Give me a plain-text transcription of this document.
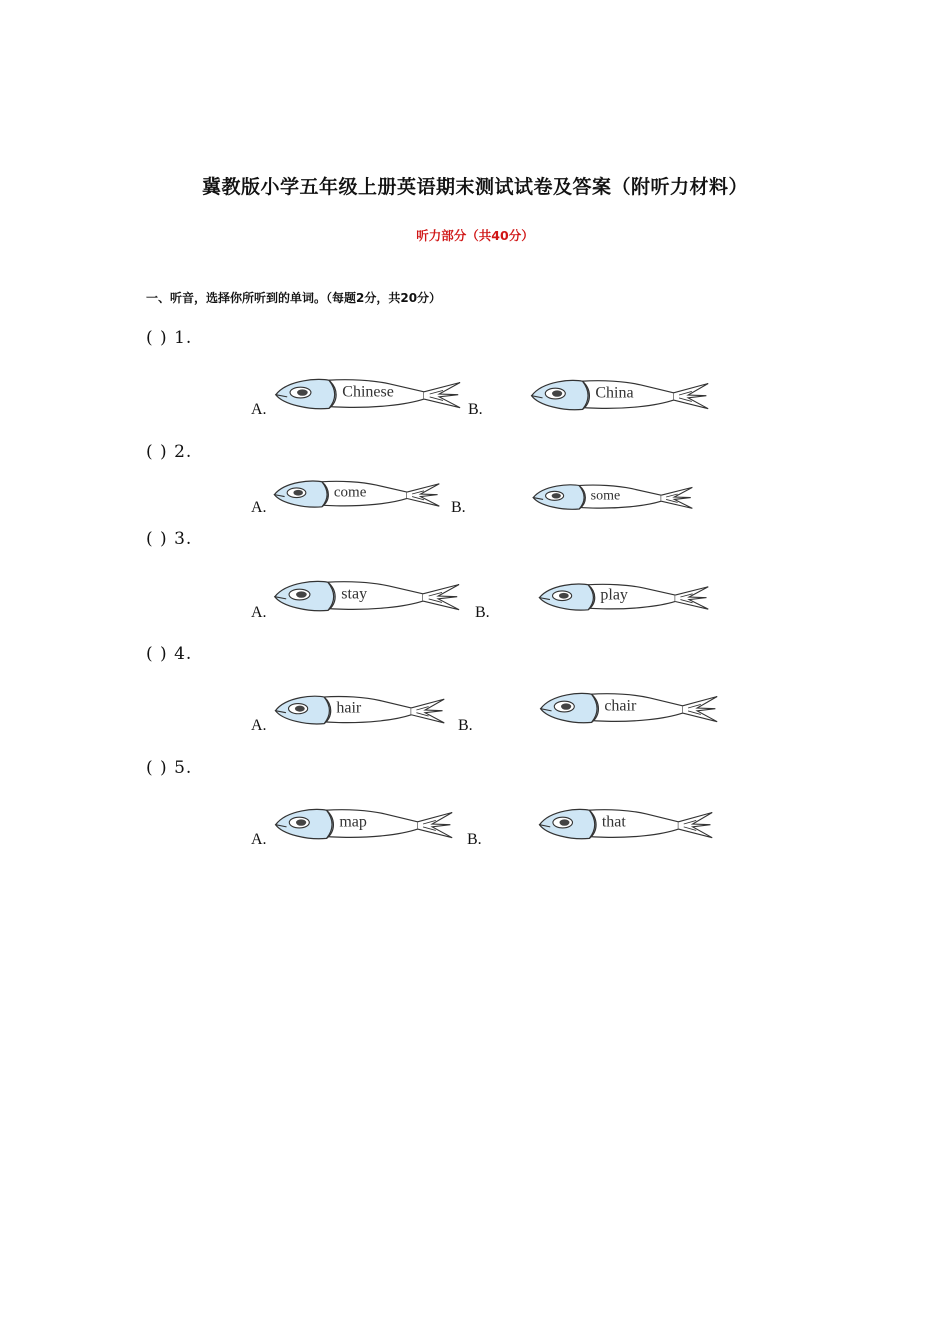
冀教版小学五年级上册英语期末测试试卷及答案（附听力材料）
听力部分（共40分）
一、听音，选择你所听到的单词。（每题2分，共20分）
( ) 1.
A.
Chinese
B.
China
( ) 2.
A.
come
B.
some
( ) 3.
A.
stay
B.
play
( ) 4.
A.
hair
B.
chair
( ) 5.
A.
map
B.
that
